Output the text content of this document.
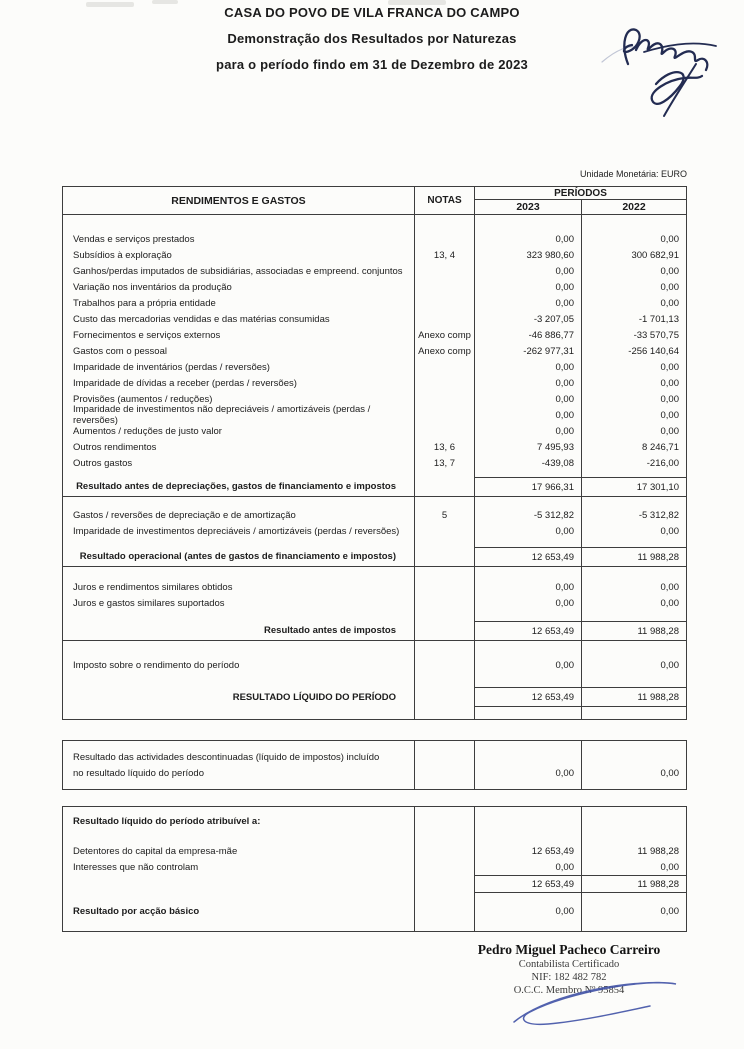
CASA DO POVO DE VILA FRANCA DO CAMPO
Demonstração dos Resultados por Naturezas
para o período findo em 31 de Dezembro de 2023
Unidade Monetária: EURO
RENDIMENTOS E GASTOS	NOTAS
PERÍODOS
2023	2022
Vendas e serviços prestados	0,00	0,00
Subsídios à exploração	13, 4	323 980,60	300 682,91
Ganhos/perdas imputados de subsidiárias, associadas e empreend. conjuntos	0,00	0,00
Variação nos inventários da produção	0,00	0,00
Trabalhos para a própria entidade	0,00	0,00
Custo das mercadorias vendidas e das matérias consumidas	-3 207,05	-1 701,13
Fornecimentos e serviços externos	Anexo comp	-46 886,77	-33 570,75
Gastos com o pessoal	Anexo comp	-262 977,31	-256 140,64
Imparidade de inventários (perdas / reversões)	0,00	0,00
Imparidade de dívidas a receber (perdas / reversões)	0,00	0,00
Provisões (aumentos / reduções)	0,00	0,00
Imparidade de investimentos não depreciáveis / amortizáveis (perdas / reversões)	0,00	0,00
Aumentos / reduções de justo valor	0,00	0,00
Outros rendimentos	13, 6	7 495,93	8 246,71
Outros gastos	13, 7	-439,08	-216,00
Resultado antes de depreciações, gastos de financiamento e impostos	17 966,31	17 301,10
Gastos / reversões de depreciação e de amortização	5	-5 312,82	-5 312,82
Imparidade de investimentos depreciáveis / amortizáveis (perdas / reversões)	0,00	0,00
Resultado operacional (antes de gastos de financiamento e impostos)	12 653,49	11 988,28
Juros e rendimentos similares obtidos	0,00	0,00
Juros e gastos similares suportados	0,00	0,00
Resultado antes de impostos	12 653,49	11 988,28
Imposto sobre o rendimento do período	0,00	0,00
RESULTADO LÍQUIDO DO PERÍODO	12 653,49	11 988,28
Resultado das actividades descontinuadas (líquido de impostos) incluído
no resultado líquido do período	0,00	0,00
Resultado líquido do período atribuível a:
Detentores do capital da empresa-mãe	12 653,49	11 988,28
Interesses que não controlam	0,00	0,00
12 653,49	11 988,28
Resultado por acção básico	0,00	0,00
Pedro Miguel Pacheco Carreiro
Contabilista Certificado
NIF: 182 482 782
O.C.C. Membro Nº 95854
